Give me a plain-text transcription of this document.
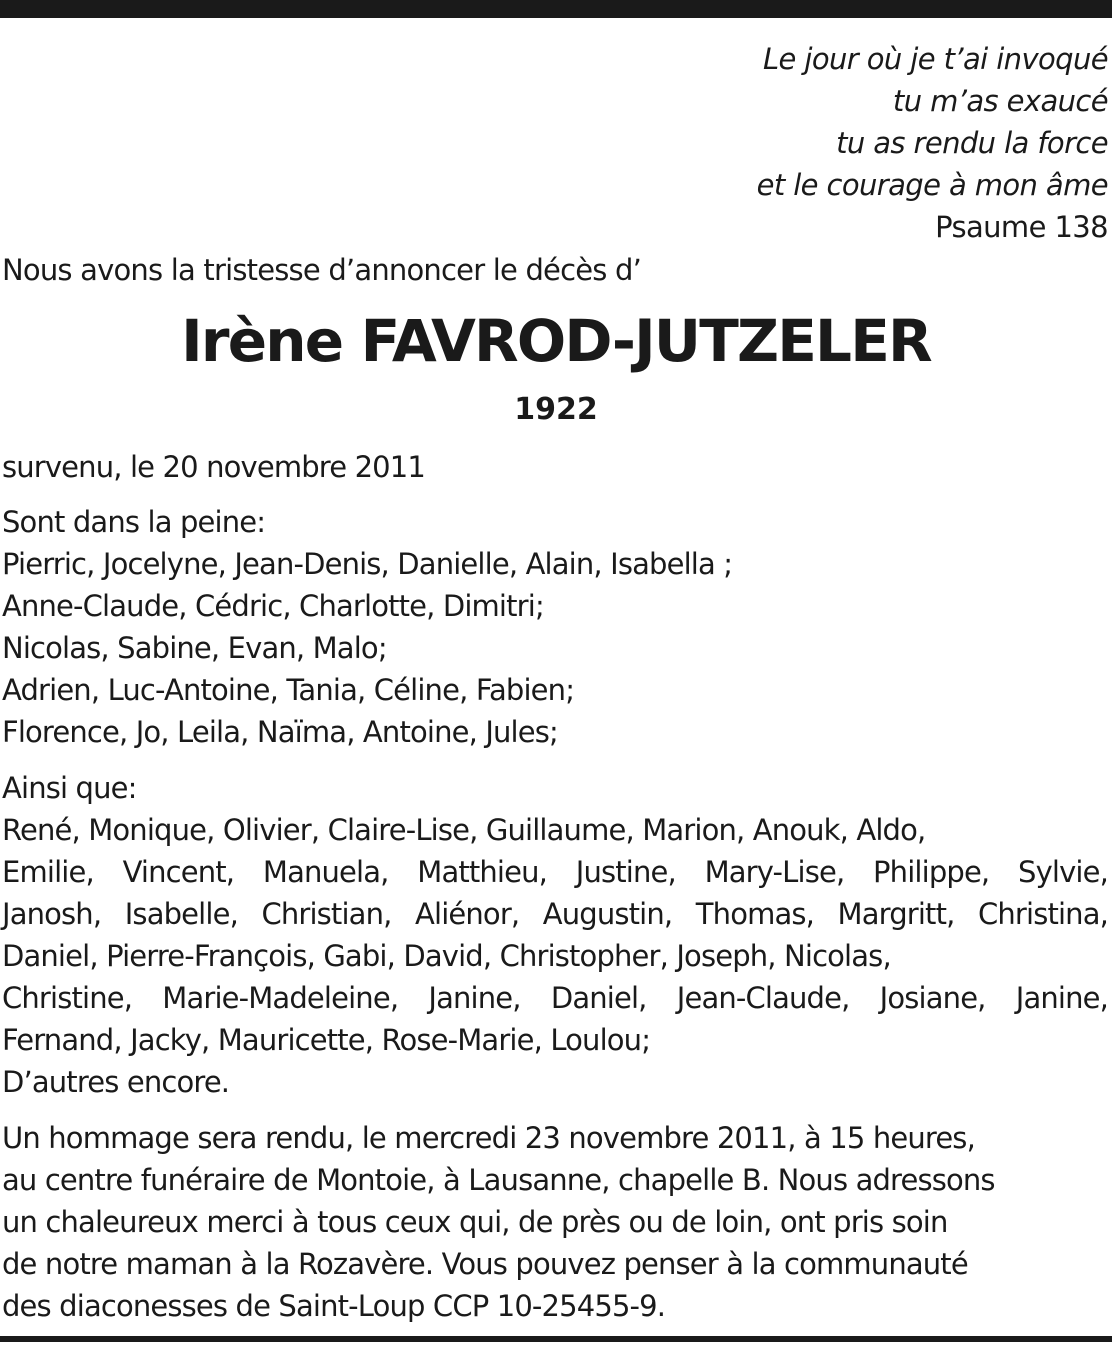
Le jour où je t’ai invoqué
tu m’as exaucé
tu as rendu la force
et le courage à mon âme
Psaume 138
Nous avons la tristesse d’annoncer le décès d’
Irène FAVROD-JUTZELER
1922
survenu, le 20 novembre 2011
Sont dans la peine:
Pierric, Jocelyne, Jean-Denis, Danielle, Alain, Isabella ;
Anne-Claude, Cédric, Charlotte, Dimitri;
Nicolas, Sabine, Evan, Malo;
Adrien, Luc-Antoine, Tania, Céline, Fabien;
Florence, Jo, Leila, Naïma, Antoine, Jules;
Ainsi que:
René, Monique, Olivier, Claire-Lise, Guillaume, Marion, Anouk, Aldo,
Emilie, Vincent, Manuela, Matthieu, Justine, Mary-Lise, Philippe, Sylvie,
Janosh, Isabelle, Christian, Aliénor, Augustin, Thomas, Margritt, Christina,
Daniel, Pierre-François, Gabi, David, Christopher, Joseph, Nicolas,
Christine, Marie-Madeleine, Janine, Daniel, Jean-Claude, Josiane, Janine,
Fernand, Jacky, Mauricette, Rose-Marie, Loulou;
D’autres encore.
Un hommage sera rendu, le mercredi 23 novembre 2011, à 15 heures,
au centre funéraire de Montoie, à Lausanne, chapelle B. Nous adressons
un chaleureux merci à tous ceux qui, de près ou de loin, ont pris soin
de notre maman à la Rozavère. Vous pouvez penser à la communauté
des diaconesses de Saint-Loup CCP 10-25455-9.
